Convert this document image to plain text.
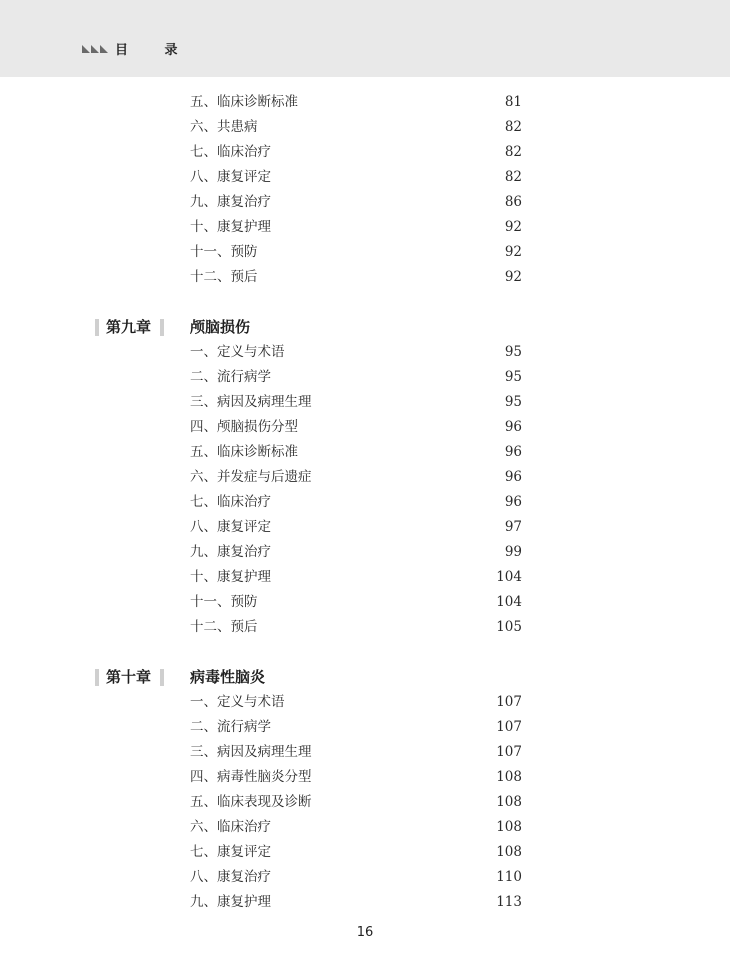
目 录
五、临床诊断标准	81
六、共患病	82
七、临床治疗	82
八、康复评定	82
九、康复治疗	86
十、康复护理	92
十一、预防	92
十二、预后	92
第九章	颅脑损伤
一、定义与术语	95
二、流行病学	95
三、病因及病理生理	95
四、颅脑损伤分型	96
五、临床诊断标准	96
六、并发症与后遗症	96
七、临床治疗	96
八、康复评定	97
九、康复治疗	99
十、康复护理	104
十一、预防	104
十二、预后	105
第十章	病毒性脑炎
一、定义与术语	107
二、流行病学	107
三、病因及病理生理	107
四、病毒性脑炎分型	108
五、临床表现及诊断	108
六、临床治疗	108
七、康复评定	108
八、康复治疗	110
九、康复护理	113
16
